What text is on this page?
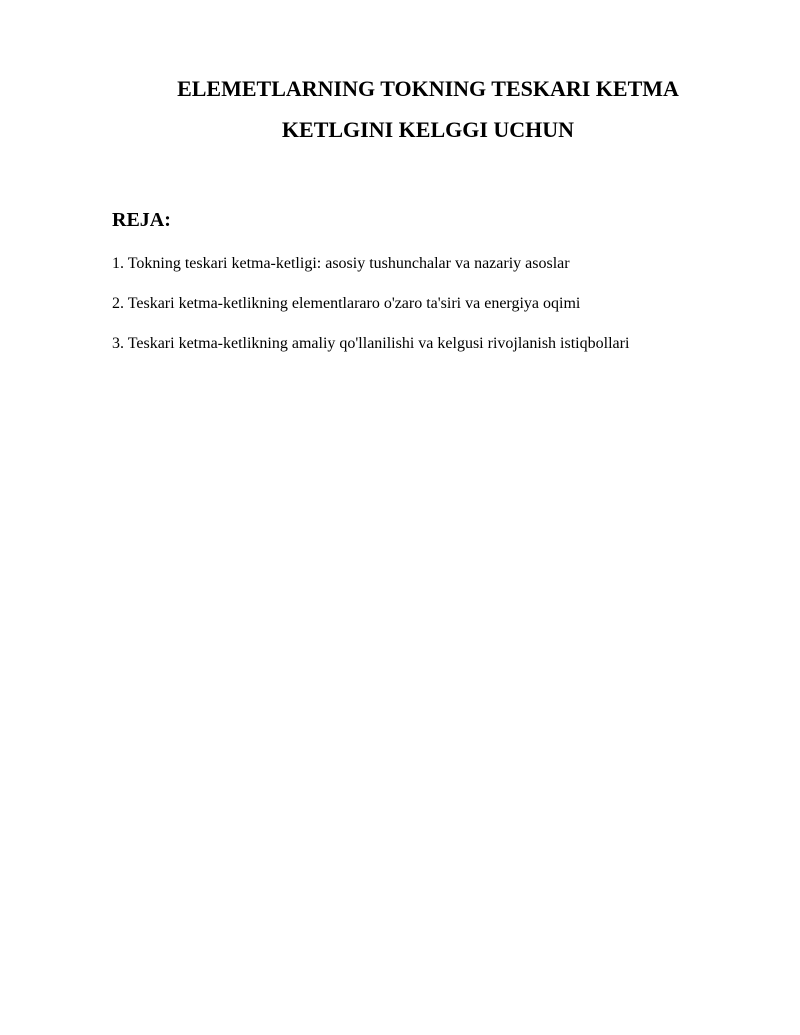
ELEMETLARNING TOKNING TESKARI KETMA
KETLGINI KELGGI UCHUN
REJA:
1. Tokning teskari ketma-ketligi: asosiy tushunchalar va nazariy asoslar
2. Teskari ketma-ketlikning elementlararo o'zaro ta'siri va energiya oqimi
3. Teskari ketma-ketlikning amaliy qo'llanilishi va kelgusi rivojlanish istiqbollari
